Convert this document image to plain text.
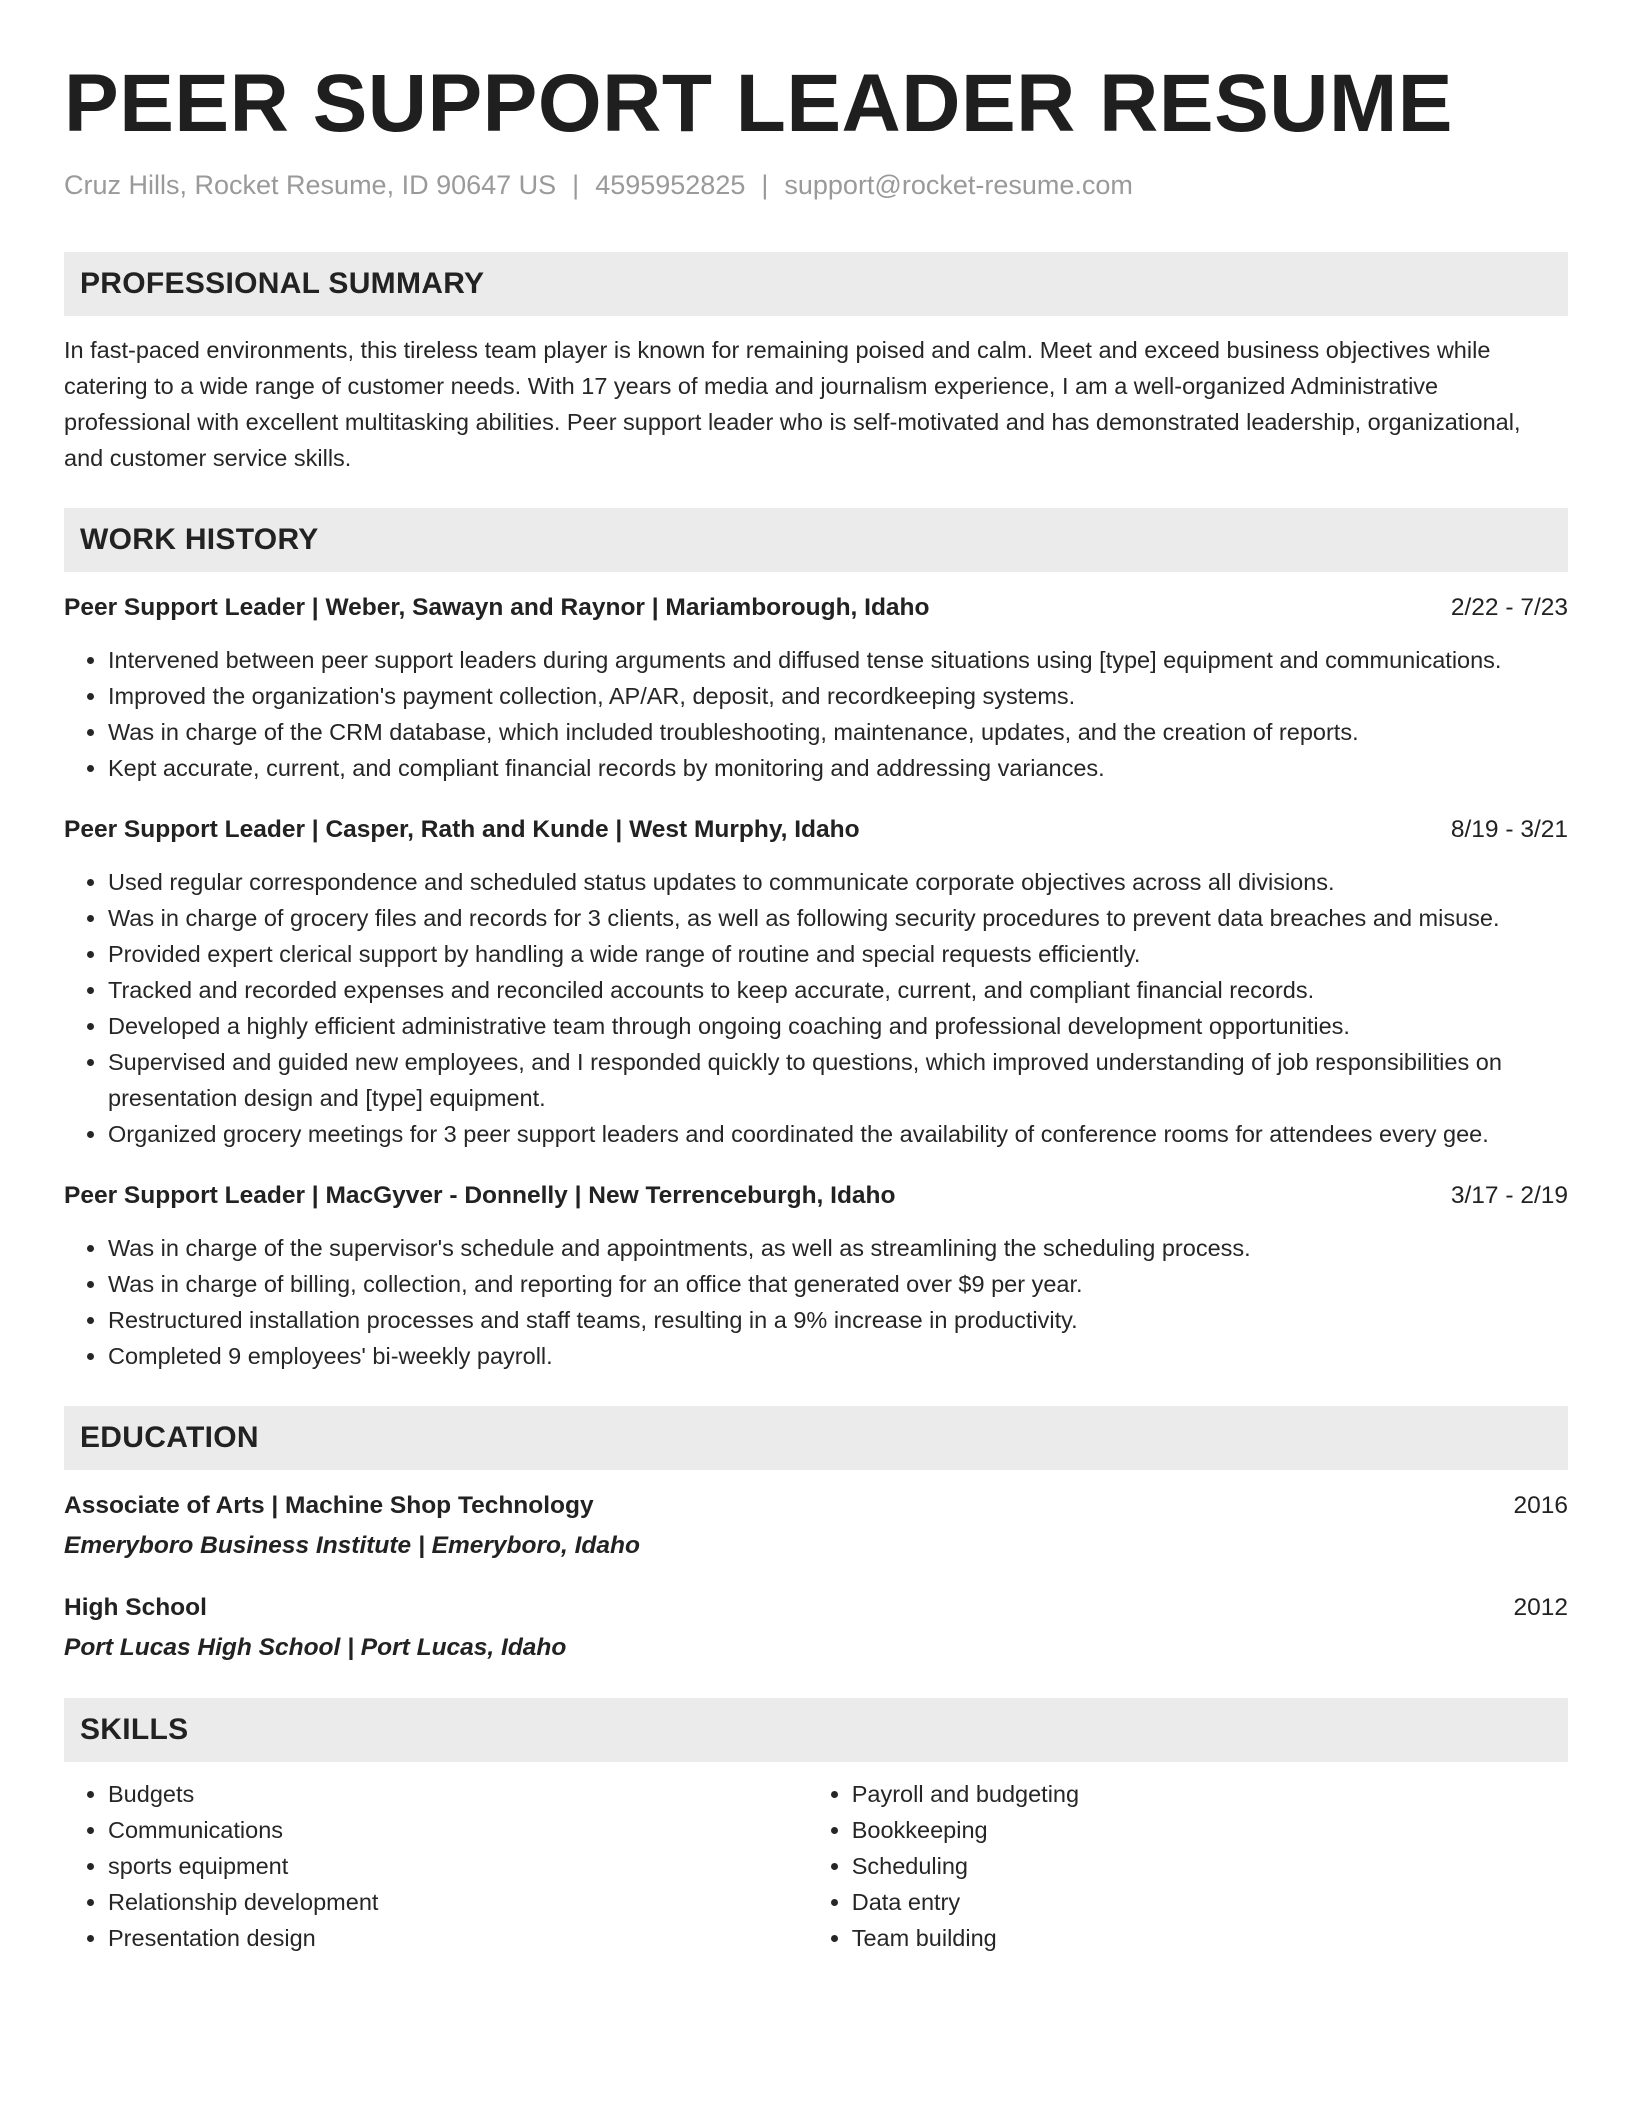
PEER SUPPORT LEADER RESUME
Cruz Hills, Rocket Resume, ID 90647 US | 4595952825 | support@rocket-resume.com
PROFESSIONAL SUMMARY
In fast-paced environments, this tireless team player is known for remaining poised and calm. Meet and exceed business objectives while catering to a wide range of customer needs. With 17 years of media and journalism experience, I am a well-organized Administrative professional with excellent multitasking abilities. Peer support leader who is self-motivated and has demonstrated leadership, organizational, and customer service skills.
WORK HISTORY
Peer Support Leader | Weber, Sawayn and Raynor | Mariamborough, Idaho	2/22 - 7/23
• Intervened between peer support leaders during arguments and diffused tense situations using [type] equipment and communications.
• Improved the organization's payment collection, AP/AR, deposit, and recordkeeping systems.
• Was in charge of the CRM database, which included troubleshooting, maintenance, updates, and the creation of reports.
• Kept accurate, current, and compliant financial records by monitoring and addressing variances.
Peer Support Leader | Casper, Rath and Kunde | West Murphy, Idaho	8/19 - 3/21
• Used regular correspondence and scheduled status updates to communicate corporate objectives across all divisions.
• Was in charge of grocery files and records for 3 clients, as well as following security procedures to prevent data breaches and misuse.
• Provided expert clerical support by handling a wide range of routine and special requests efficiently.
• Tracked and recorded expenses and reconciled accounts to keep accurate, current, and compliant financial records.
• Developed a highly efficient administrative team through ongoing coaching and professional development opportunities.
• Supervised and guided new employees, and I responded quickly to questions, which improved understanding of job responsibilities on presentation design and [type] equipment.
• Organized grocery meetings for 3 peer support leaders and coordinated the availability of conference rooms for attendees every gee.
Peer Support Leader | MacGyver - Donnelly | New Terrenceburgh, Idaho	3/17 - 2/19
• Was in charge of the supervisor's schedule and appointments, as well as streamlining the scheduling process.
• Was in charge of billing, collection, and reporting for an office that generated over $9 per year.
• Restructured installation processes and staff teams, resulting in a 9% increase in productivity.
• Completed 9 employees' bi-weekly payroll.
EDUCATION
Associate of Arts | Machine Shop Technology	2016
Emeryboro Business Institute | Emeryboro, Idaho
High School	2012
Port Lucas High School | Port Lucas, Idaho
SKILLS
• Budgets
• Communications
• sports equipment
• Relationship development
• Presentation design
• Payroll and budgeting
• Bookkeeping
• Scheduling
• Data entry
• Team building
